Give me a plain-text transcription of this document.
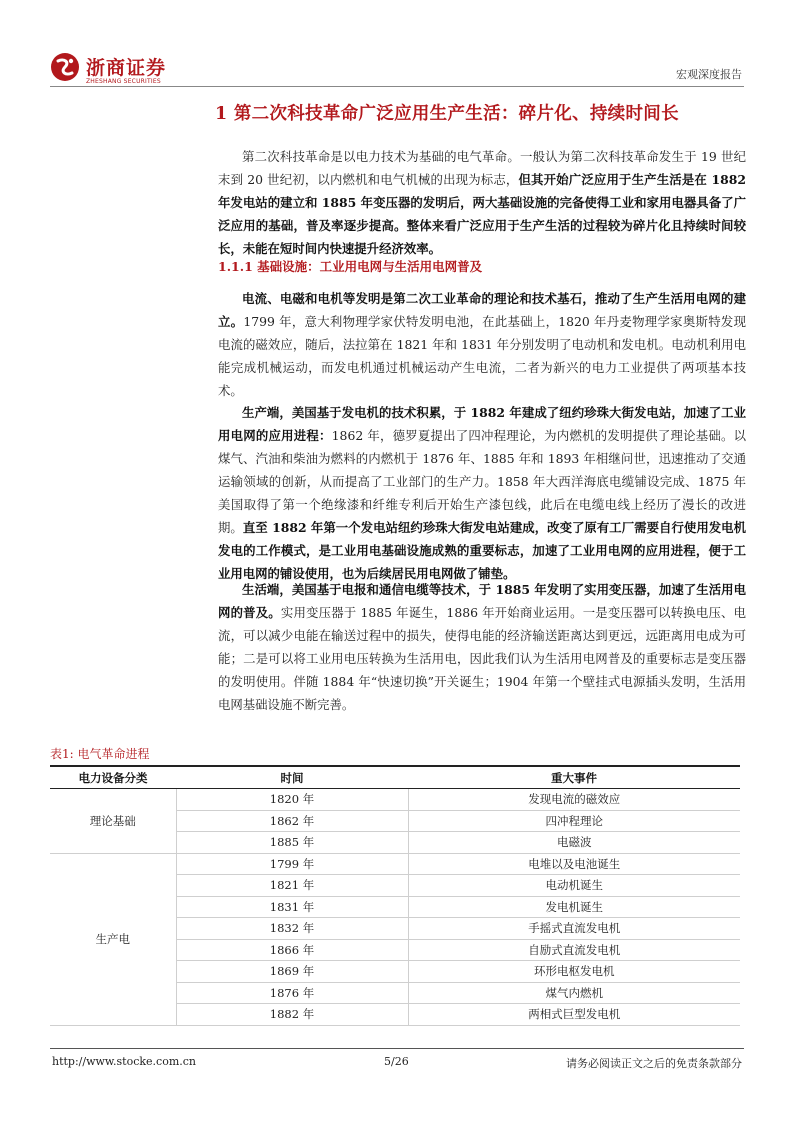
浙商证券
ZHESHANG SECURITIES
宏观深度报告
1 第二次科技革命广泛应用生产生活：碎片化、持续时间长
第二次科技革命是以电力技术为基础的电气革命。一般认为第二次科技革命发生于 19 世纪末到 20 世纪初，以内燃机和电气机械的出现为标志，但其开始广泛应用于生产生活是在 1882 年发电站的建立和 1885 年变压器的发明后，两大基础设施的完备使得工业和家用电器具备了广泛应用的基础，普及率逐步提高。整体来看广泛应用于生产生活的过程较为碎片化且持续时间较长，未能在短时间内快速提升经济效率。
1.1.1 基础设施：工业用电网与生活用电网普及
电流、电磁和电机等发明是第二次工业革命的理论和技术基石，推动了生产生活用电网的建立。1799 年，意大利物理学家伏特发明电池，在此基础上，1820 年丹麦物理学家奥斯特发现电流的磁效应，随后，法拉第在 1821 年和 1831 年分别发明了电动机和发电机。电动机利用电能完成机械运动，而发电机通过机械运动产生电流，二者为新兴的电力工业提供了两项基本技术。
生产端，美国基于发电机的技术积累，于 1882 年建成了纽约珍珠大街发电站，加速了工业用电网的应用进程：1862 年，德罗夏提出了四冲程理论，为内燃机的发明提供了理论基础。以煤气、汽油和柴油为燃料的内燃机于 1876 年、1885 年和 1893 年相继问世，迅速推动了交通运输领域的创新，从而提高了工业部门的生产力。1858 年大西洋海底电缆铺设完成、1875 年美国取得了第一个绝缘漆和纤维专利后开始生产漆包线，此后在电缆电线上经历了漫长的改进期。直至 1882 年第一个发电站纽约珍珠大街发电站建成，改变了原有工厂需要自行使用发电机发电的工作模式，是工业用电基础设施成熟的重要标志，加速了工业用电网的应用进程，便于工业用电网的铺设使用，也为后续居民用电网做了铺垫。
生活端，美国基于电报和通信电缆等技术，于 1885 年发明了实用变压器，加速了生活用电网的普及。实用变压器于 1885 年诞生，1886 年开始商业运用。一是变压器可以转换电压、电流，可以减少电能在输送过程中的损失，使得电能的经济输送距离达到更远，远距离用电成为可能；二是可以将工业用电压转换为生活用电，因此我们认为生活用电网普及的重要标志是变压器的发明使用。伴随 1884 年“快速切换”开关诞生；1904 年第一个壁挂式电源插头发明，生活用电网基础设施不断完善。
表1: 电气革命进程
电力设备分类	时间	重大事件
理论基础	1820 年	发现电流的磁效应
	1862 年	四冲程理论
	1885 年	电磁波
生产电	1799 年	电堆以及电池诞生
	1821 年	电动机诞生
	1831 年	发电机诞生
	1832 年	手摇式直流发电机
	1866 年	自励式直流发电机
	1869 年	环形电枢发电机
	1876 年	煤气内燃机
	1882 年	两相式巨型发电机
http://www.stocke.com.cn	5/26	请务必阅读正文之后的免责条款部分
